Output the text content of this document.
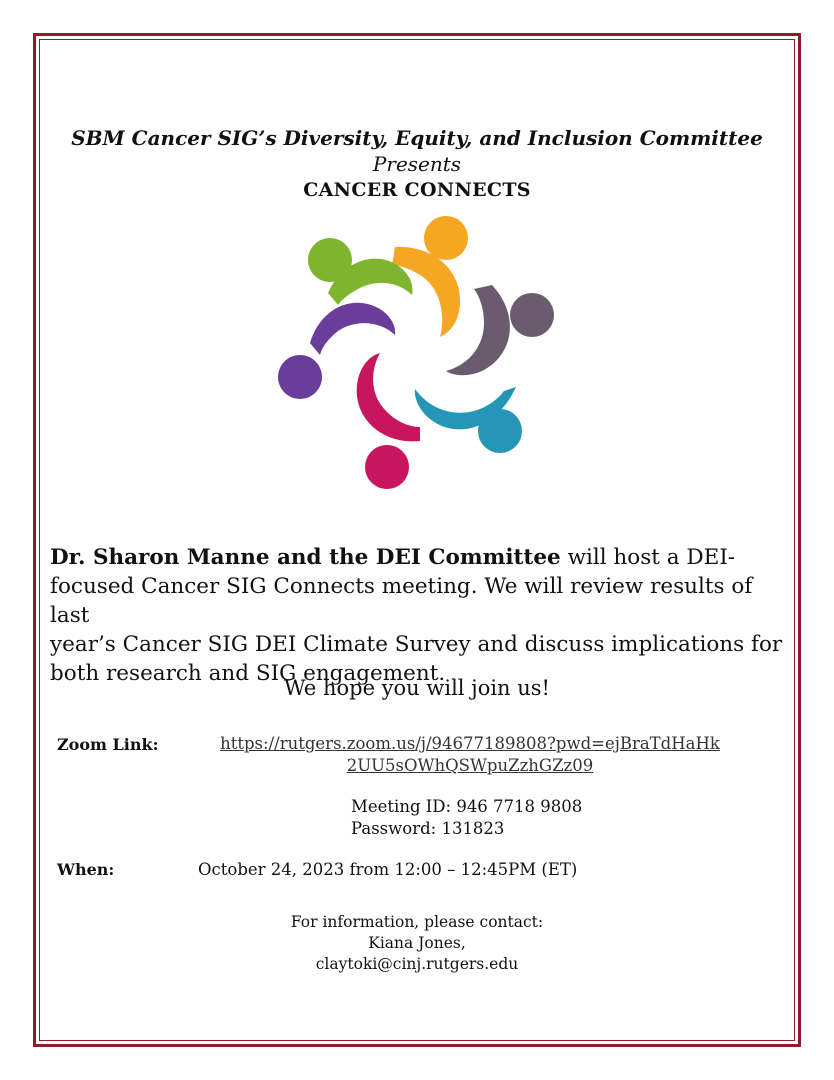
SBM Cancer SIG’s Diversity, Equity, and Inclusion Committee
Presents
CANCER CONNECTS
Dr. Sharon Manne and the DEI Committee will host a DEI-
focused Cancer SIG Connects meeting. We will review results of last
year’s Cancer SIG DEI Climate Survey and discuss implications for
both research and SIG engagement.
We hope you will join us!
Zoom Link:	https://rutgers.zoom.us/j/94677189808?pwd=ejBraTdHaHk
2UU5sOWhQSWpuZzhGZz09
Meeting ID: 946 7718 9808
Password: 131823
When:	October 24, 2023 from 12:00 – 12:45PM (ET)
For information, please contact:
Kiana Jones,
claytoki@cinj.rutgers.edu
